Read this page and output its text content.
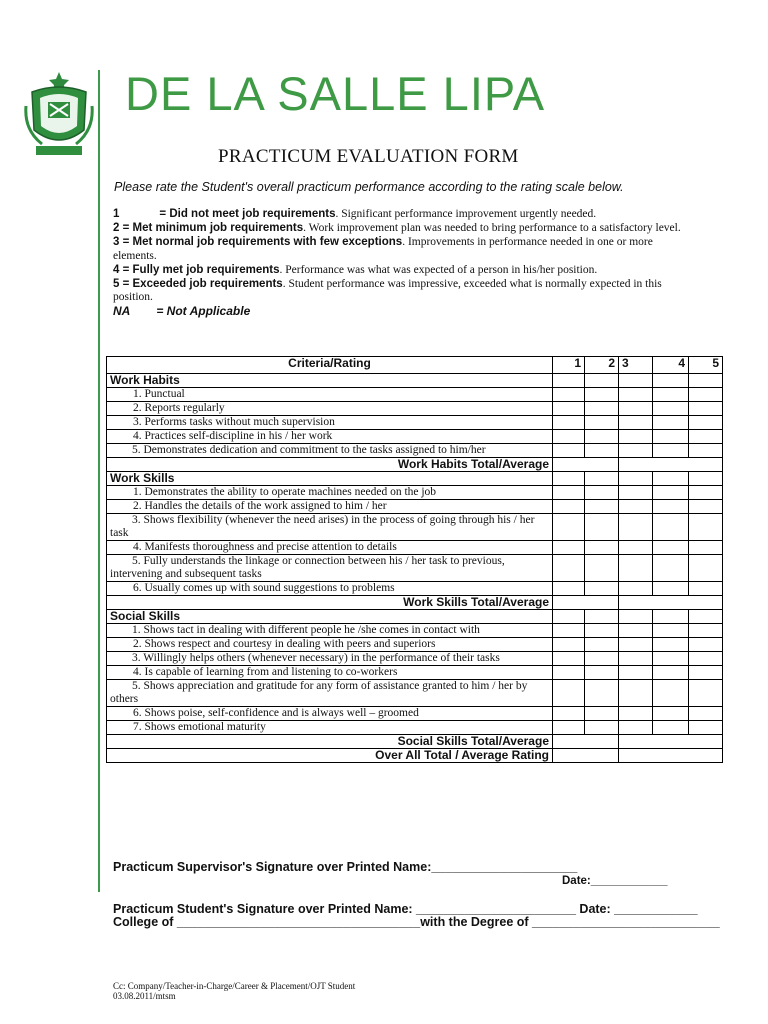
DE LA SALLE LIPA
PRACTICUM EVALUATION FORM
Please rate the Student's overall practicum performance according to the rating scale below.
1	= Did not meet job requirements. Significant performance improvement urgently needed.
2 = Met minimum job requirements. Work improvement plan was needed to bring performance to a satisfactory level.
3 = Met normal job requirements with few exceptions. Improvements in performance needed in one or more elements.
4 = Fully met job requirements. Performance was what was expected of a person in his/her position.
5 = Exceeded job requirements. Student performance was impressive, exceeded what is normally expected in this position.
NA = Not Applicable
Criteria/Rating	1	2	3	4	5
Work Habits					
1. Punctual					
2. Reports regularly					
3. Performs tasks without much supervision					
4. Practices self-discipline in his / her work					
5. Demonstrates dedication and commitment to the tasks assigned to him/her					
Work Habits Total/Average					
Work Skills					
1. Demonstrates the ability to operate machines needed on the job					
2. Handles the details of the work assigned to him / her					
3. Shows flexibility (whenever the need arises) in the process of going through his / her task					
4. Manifests thoroughness and precise attention to details					
5. Fully understands the linkage or connection between his / her task to previous, intervening and subsequent tasks					
6. Usually comes up with sound suggestions to problems					
Work Skills Total/Average					
Social Skills					
1. Shows tact in dealing with different people he /she comes in contact with					
2. Shows respect and courtesy in dealing with peers and superiors					
3. Willingly helps others (whenever necessary) in the performance of their tasks					
4. Is capable of learning from and listening to co-workers					
5. Shows appreciation and gratitude for any form of assistance granted to him / her by others					
6. Shows poise, self-confidence and is always well – groomed					
7. Shows emotional maturity					
Social Skills Total/Average					
Over All Total / Average Rating					
Practicum Supervisor's Signature over Printed Name:_____________________
Date:____________
Practicum Student's Signature over Printed Name: _______________________ Date: ____________
College of ___________________________________with the Degree of ___________________________
Cc: Company/Teacher-in-Charge/Career & Placement/OJT Student
03.08.2011/mtsm
